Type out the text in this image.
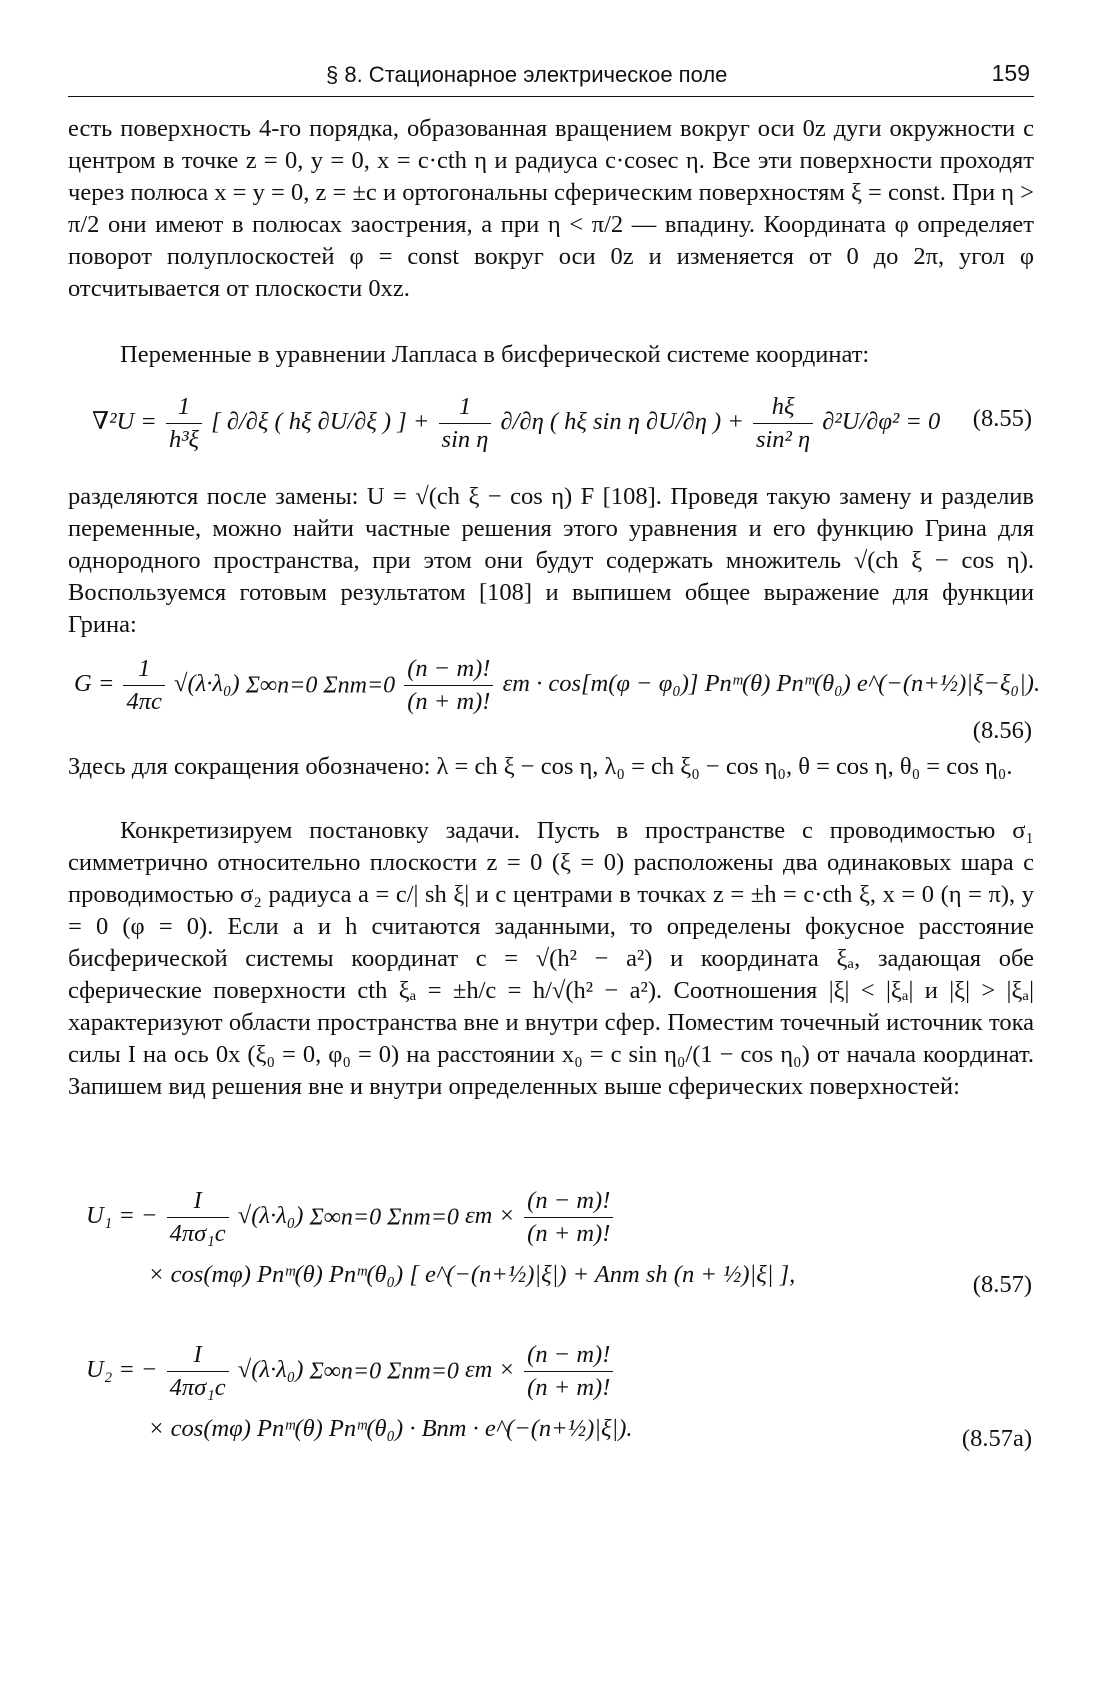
§ 8. Стационарное электрическое поле	159

есть поверхность 4-го порядка, образованная вращением вокруг оси 0z дуги окружности с центром в точке z = 0, y = 0, x = c·cth η и радиуса c·cosec η. Все эти поверхности проходят через полюса x = y = 0, z = ±c и ортогональны сферическим поверхностям ξ = const. При η > π/2 они имеют в полюсах заострения, а при η < π/2 — впадину. Координата φ определяет поворот полуплоскостей φ = const вокруг оси 0z и изменяется от 0 до 2π, угол φ отсчитывается от плоскости 0xz.

Переменные в уравнении Лапласа в бисферической системе координат:

$\nabla^2U = \frac{1}{\text{h³ξ}}$ [ ∂/∂ξ ( hξ ∂U/∂ξ ) ] + $\frac{1}{\text{sin η}} \partial/\partial\eta$ ( hξ sin η ∂U/∂η ) + $\frac{h\xi}{\text{sin² η}} \partial^2U/\partial\varphi^2 = 0$ (8.55)

разделяются после замены: U = √(ch ξ − cos η) F [108]. Проведя такую замену и разделив переменные, можно найти частные решения этого уравнения и его функцию Грина для однородного пространства, при этом они будут содержать множитель √(ch ξ − cos η). Воспользуемся готовым результатом [108] и выпишем общее выражение для функции Грина:

$G = \frac{1}{4\pi c} √(\lambda\cdot\lambda_0)$ Σ∞n=0 $\Sigma nm=0 \frac{(n - m)!}{(n + m)!}$ εm · cos[m(φ − φ₀)] Pnᵐ(θ) Pnᵐ(θ₀) e^(−(n+½)|ξ−ξ₀|).
(8.56)

Здесь для сокращения обозначено: λ = ch ξ − cos η, λ₀ = ch ξ₀ − cos η₀, θ = cos η, θ₀ = cos η₀.

Конкретизируем постановку задачи. Пусть в пространстве с проводимостью σ₁ симметрично относительно плоскости z = 0 (ξ = 0) расположены два одинаковых шара с проводимостью σ₂ радиуса a = c/| sh ξ| и с центрами в точках z = ±h = c·cth ξ, x = 0 (η = π), y = 0 (φ = 0). Если a и h считаются заданными, то определены фокусное расстояние бисферической системы координат c = √(h² − a²) и координата ξₐ, задающая обе сферические поверхности cth ξₐ = ±h/c = h/√(h² − a²). Соотношения |ξ| < |ξₐ| и |ξ| > |ξₐ| характеризуют области пространства вне и внутри сфер. Поместим точечный источник тока силы I на ось 0x (ξ₀ = 0, φ₀ = 0) на расстоянии x₀ = c sin η₀/(1 − cos η₀) от начала координат. Запишем вид решения вне и внутри определенных выше сферических поверхностей:

U₁ = − $\frac{I}{\text{4πσ₁c}} √(\lambda\cdot\lambda_0)$ Σ∞n=0 Σnm=0 $\varepsilon m \times \frac{(n - m)!}{(n + m)!}$
× cos(mφ) Pnᵐ(θ) Pnᵐ(θ₀) [ e^(−(n+½)|ξ|) + Anm sh (n + ½)|ξ| ],	(8.57)
U₂ = − $\frac{I}{\text{4πσ₁c}} √(\lambda\cdot\lambda_0)$ Σ∞n=0 Σnm=0 $\varepsilon m \times \frac{(n - m)!}{(n + m)!}$
× cos(mφ) Pnᵐ(θ) Pnᵐ(θ₀) · Bnm · e^(−(n+½)|ξ|).	(8.57a)
